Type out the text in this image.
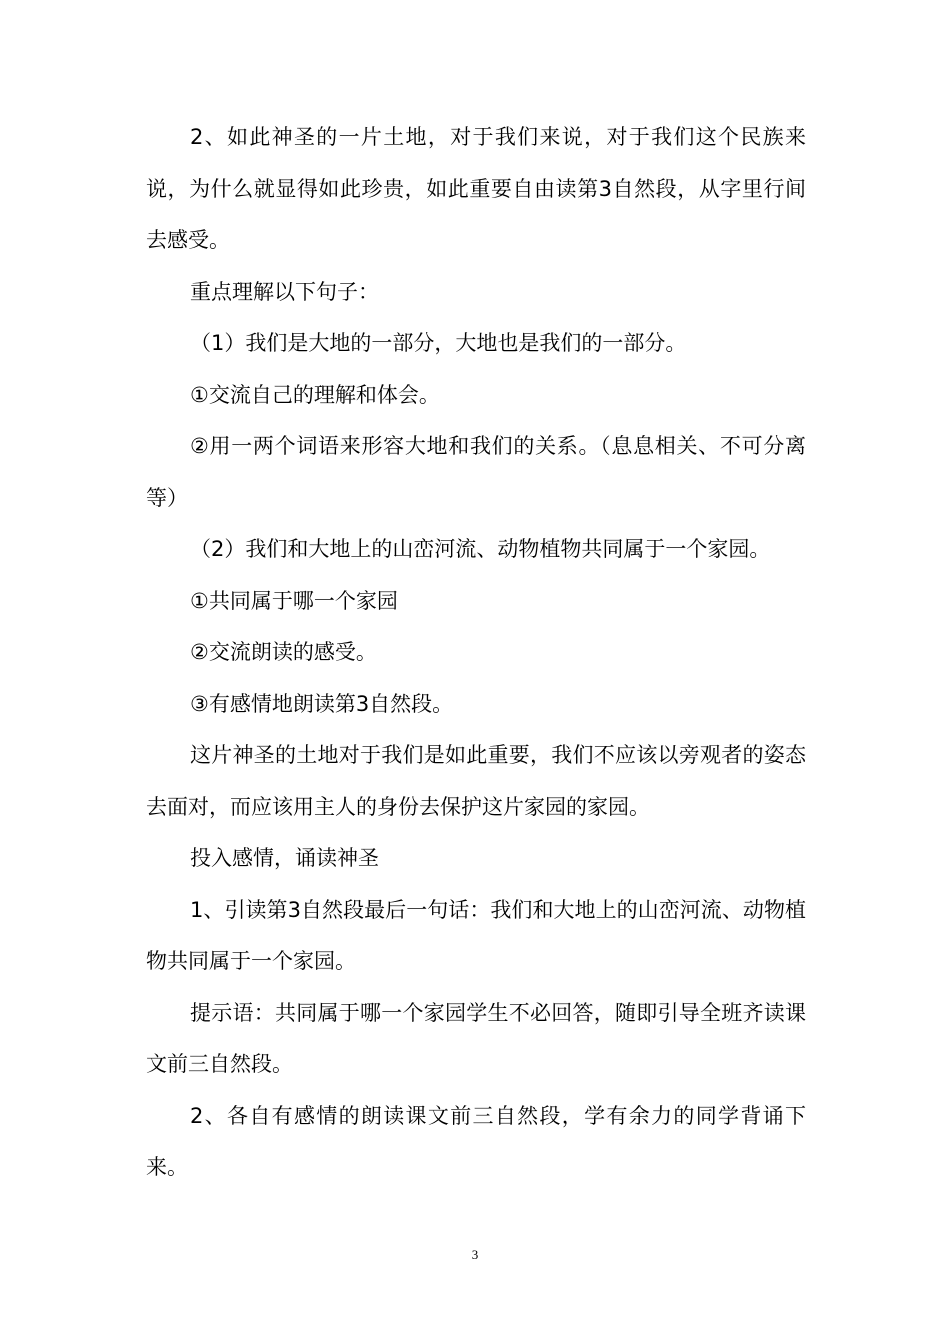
2、如此神圣的一片土地，对于我们来说，对于我们这个民族来说，为什么就显得如此珍贵，如此重要自由读第3自然段，从字里行间去感受。

重点理解以下句子：

（1）我们是大地的一部分，大地也是我们的一部分。

①交流自己的理解和体会。

②用一两个词语来形容大地和我们的关系。（息息相关、不可分离等）

（2）我们和大地上的山峦河流、动物植物共同属于一个家园。

①共同属于哪一个家园

②交流朗读的感受。

③有感情地朗读第3自然段。

这片神圣的土地对于我们是如此重要，我们不应该以旁观者的姿态去面对，而应该用主人的身份去保护这片家园的家园。

投入感情，诵读神圣

1、引读第3自然段最后一句话：我们和大地上的山峦河流、动物植物共同属于一个家园。

提示语：共同属于哪一个家园学生不必回答，随即引导全班齐读课文前三自然段。

2、各自有感情的朗读课文前三自然段，学有余力的同学背诵下来。

3
